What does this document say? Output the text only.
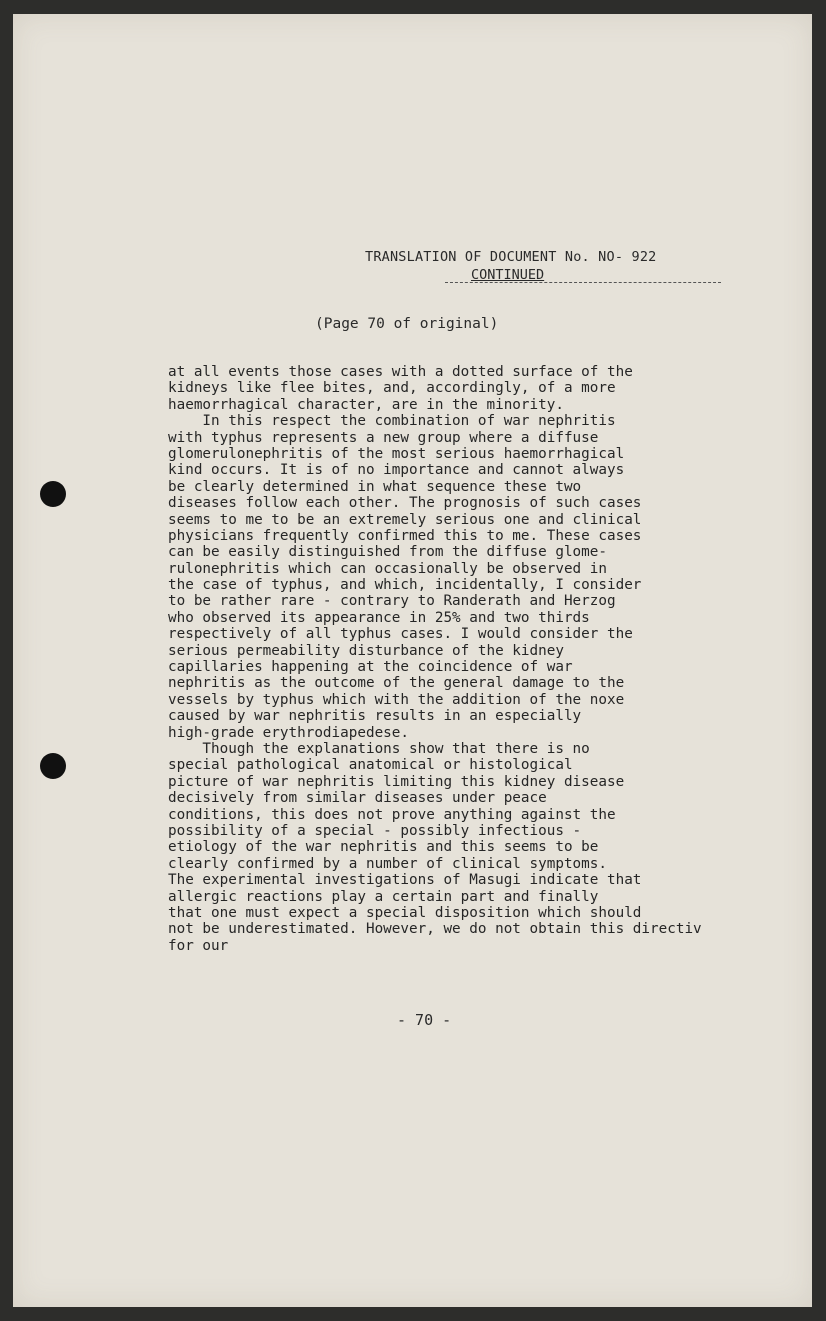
TRANSLATION OF DOCUMENT No. NO- 922
CONTINUED
(Page 70 of original)
at all events those cases with a dotted surface of the
kidneys like flee bites, and, accordingly, of a more
haemorrhagical character, are in the minority.
In this respect the combination of war nephritis
with typhus represents a new group where a diffuse
glomerulonephritis of the most serious haemorrhagical
kind occurs. It is of no importance and cannot always
be clearly determined in what sequence these two
diseases follow each other. The prognosis of such cases
seems to me to be an extremely serious one and clinical
physicians frequently confirmed this to me. These cases
can be easily distinguished from the diffuse glome-
rulonephritis which can occasionally be observed in
the case of typhus, and which, incidentally, I consider
to be rather rare - contrary to Randerath and Herzog
who observed its appearance in 25% and two thirds
respectively of all typhus cases. I would consider the
serious permeability disturbance of the kidney
capillaries happening at the coincidence of war
nephritis as the outcome of the general damage to the
vessels by typhus which with the addition of the noxe
caused by war nephritis results in an especially
high-grade erythrodiapedese.
Though the explanations show that there is no
special pathological anatomical or histological
picture of war nephritis limiting this kidney disease
decisively from similar diseases under peace
conditions, this does not prove anything against the
possibility of a special - possibly infectious -
etiology of the war nephritis and this seems to be
clearly confirmed by a number of clinical symptoms.
The experimental investigations of Masugi indicate that
allergic reactions play a certain part and finally
that one must expect a special disposition which should
not be underestimated. However, we do not obtain this directiv
for our
- 70 -
